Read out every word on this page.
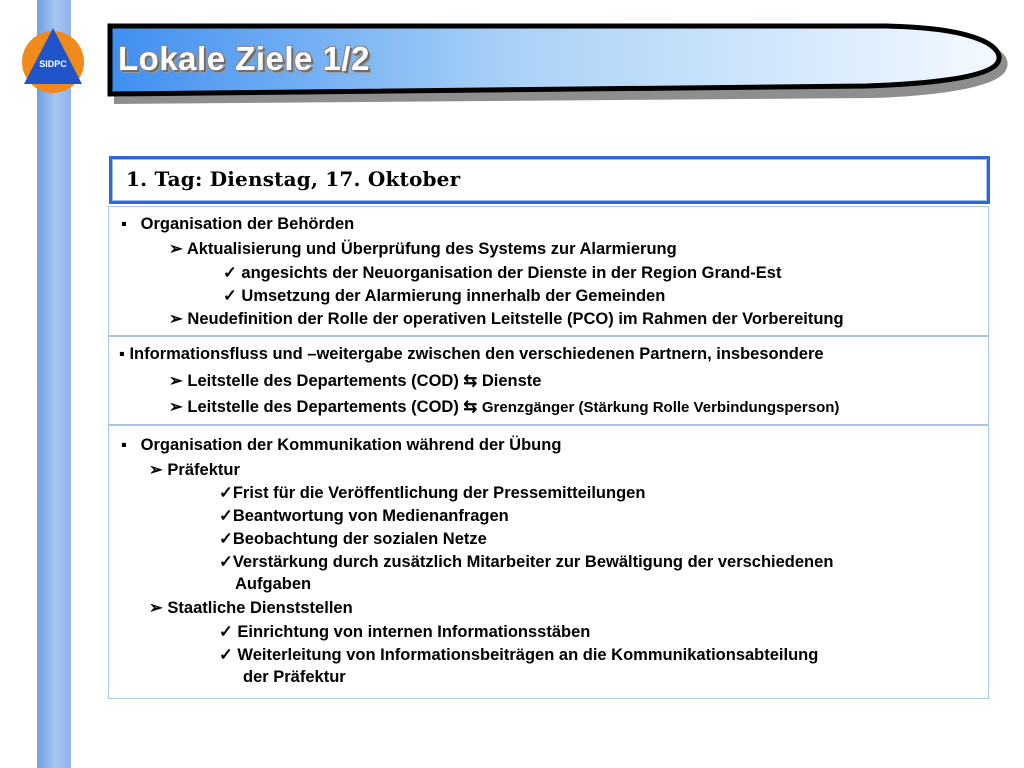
SIDPC Lokale Ziele 1/2
1. Tag: Dienstag, 17. Oktober
▪ Organisation der Behörden
➢ Aktualisierung und Überprüfung des Systems zur Alarmierung
✓ angesichts der Neuorganisation der Dienste in der Region Grand-Est
✓ Umsetzung der Alarmierung innerhalb der Gemeinden
➢ Neudefinition der Rolle der operativen Leitstelle (PCO) im Rahmen der Vorbereitung
▪ Informationsfluss und –weitergabe zwischen den verschiedenen Partnern, insbesondere
➢ Leitstelle des Departements (COD) ⇆ Dienste
➢ Leitstelle des Departements (COD) ⇆ Grenzgänger (Stärkung Rolle Verbindungsperson)
▪ Organisation der Kommunikation während der Übung
➢ Präfektur
✓Frist für die Veröffentlichung der Pressemitteilungen
✓Beantwortung von Medienanfragen
✓Beobachtung der sozialen Netze
✓Verstärkung durch zusätzlich Mitarbeiter zur Bewältigung der verschiedenen
Aufgaben
➢ Staatliche Dienststellen
✓ Einrichtung von internen Informationsstäben
✓ Weiterleitung von Informationsbeiträgen an die Kommunikationsabteilung
der Präfektur
